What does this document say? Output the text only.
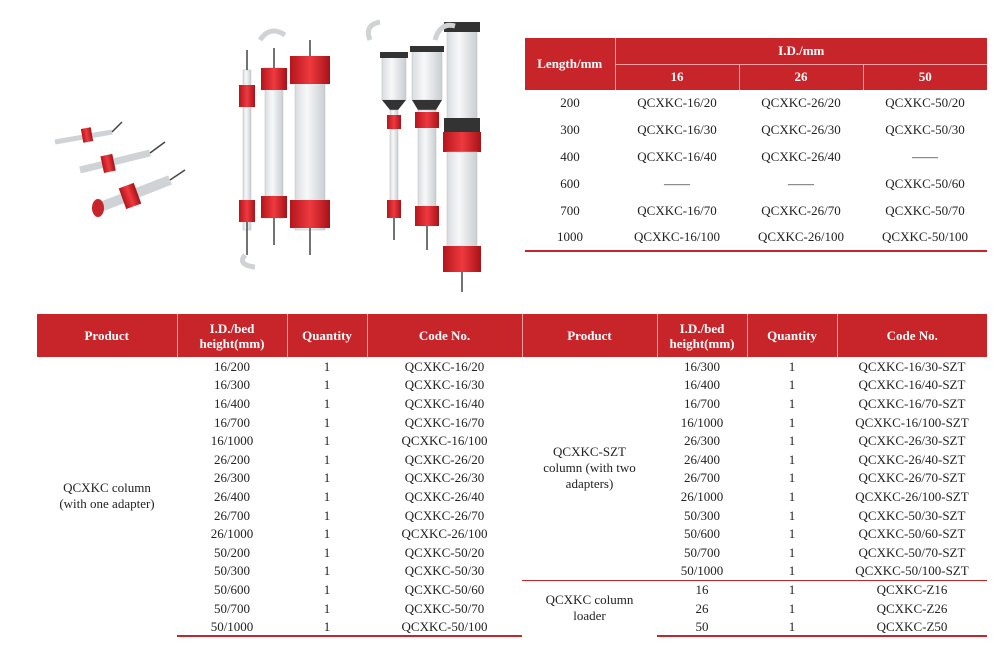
Length/mm	I.D./mm		
	16	26	50
200	QCXKC-16/20	QCXKC-26/20	QCXKC-50/20
300	QCXKC-16/30	QCXKC-26/30	QCXKC-50/30
400	QCXKC-16/40	QCXKC-26/40	——
600	——	——	QCXKC-50/60
700	QCXKC-16/70	QCXKC-26/70	QCXKC-50/70
1000	QCXKC-16/100	QCXKC-26/100	QCXKC-50/100
Product	I.D./bed height(mm)	Quantity	Code No.	Product	I.D./bed height(mm)	Quantity	Code No.
QCXKC column (with one adapter)	16/200	1	QCXKC-16/20	QCXKC-SZT column (with two adapters)	16/300	1	QCXKC-16/30-SZT
	16/300	1	QCXKC-16/30		16/400	1	QCXKC-16/40-SZT
	16/400	1	QCXKC-16/40		16/700	1	QCXKC-16/70-SZT
	16/700	1	QCXKC-16/70		16/1000	1	QCXKC-16/100-SZT
	16/1000	1	QCXKC-16/100		26/300	1	QCXKC-26/30-SZT
	26/200	1	QCXKC-26/20		26/400	1	QCXKC-26/40-SZT
	26/300	1	QCXKC-26/30		26/700	1	QCXKC-26/70-SZT
	26/400	1	QCXKC-26/40		26/1000	1	QCXKC-26/100-SZT
	26/700	1	QCXKC-26/70		50/300	1	QCXKC-50/30-SZT
	26/1000	1	QCXKC-26/100		50/600	1	QCXKC-50/60-SZT
	50/200	1	QCXKC-50/20		50/700	1	QCXKC-50/70-SZT
	50/300	1	QCXKC-50/30		50/1000	1	QCXKC-50/100-SZT
	50/600	1	QCXKC-50/60	QCXKC column loader	16	1	QCXKC-Z16
	50/700	1	QCXKC-50/70		26	1	QCXKC-Z26
	50/1000	1	QCXKC-50/100		50	1	QCXKC-Z50
